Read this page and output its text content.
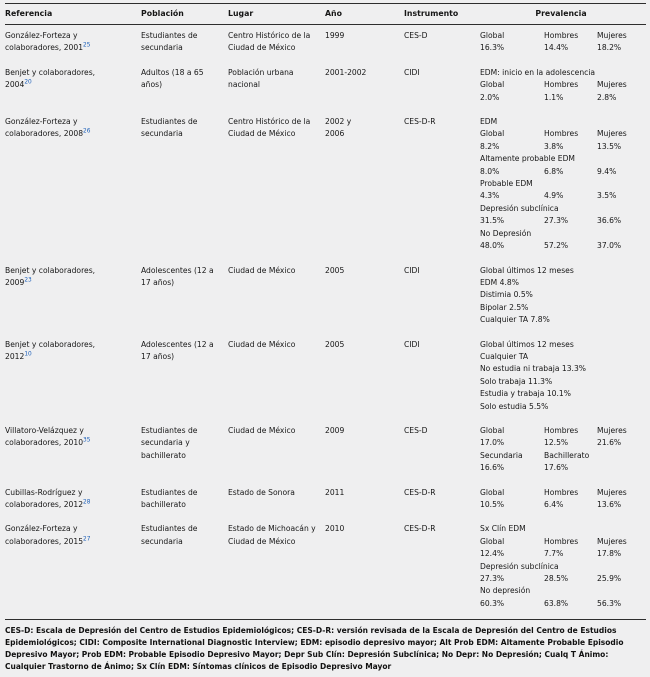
Referencia	Población	Lugar	Año	Instrumento	Prevalencia
González-Forteza y colaboradores, 2001$^{25}$	Estudiantes de secundaria	Centro Histórico de la Ciudad de México	1999	CES-D	Global	Hombres	Mujeres
16.3%	14.4%	18.2%

Benjet y colaboradores, 2004$^{20}$	Adultos (18 a 65 años)	Población urbana nacional	2001-2002	CIDI	EDM: inicio en la adolescencia
Global	Hombres	Mujeres
2.0%	1.1%	2.8%

González-Forteza y colaboradores, 2008$^{26}$	Estudiantes de secundaria	Centro Histórico de la Ciudad de México	2002 y 2006	CES-D-R	EDM
Global	Hombres	Mujeres
8.2%	3.8%	13.5%
Altamente probable EDM
8.0%	6.8%	9.4%
Probable EDM
4.3%	4.9%	3.5%
Depresión subclínica
31.5%	27.3%	36.6%
No Depresión
48.0%	57.2%	37.0%

Benjet y colaboradores, 2009$^{23}$	Adolescentes (12 a 17 años)	Ciudad de México	2005	CIDI	Global últimos 12 meses
EDM 4.8%
Distimia 0.5%
Bipolar 2.5%
Cualquier TA 7.8%

Benjet y colaboradores, 2012$^{10}$	Adolescentes (12 a 17 años)	Ciudad de México	2005	CIDI	Global últimos 12 meses
Cualquier TA
No estudia ni trabaja 13.3%
Solo trabaja 11.3%
Estudia y trabaja 10.1%
Solo estudia 5.5%

Villatoro-Velázquez y colaboradores, 2010$^{35}$	Estudiantes de secundaria y bachillerato	Ciudad de México	2009	CES-D	Global	Hombres	Mujeres
17.0%	12.5%	21.6%
Secundaria	Bachillerato
16.6%	17.6%

Cubillas-Rodríguez y colaboradores, 2012$^{28}$	Estudiantes de bachillerato	Estado de Sonora	2011	CES-D-R	Global	Hombres	Mujeres
10.5%	6.4%	13.6%

González-Forteza y colaboradores, 2015$^{27}$	Estudiantes de secundaria	Estado de Michoacán y Ciudad de México	2010	CES-D-R	Sx Clín EDM
Global	Hombres	Mujeres
12.4%	7.7%	17.8%
Depresión subclínica
27.3%	28.5%	25.9%
No depresión
60.3%	63.8%	56.3%
CES-D: Escala de Depresión del Centro de Estudios Epidemiológicos; CES-D-R: versión revisada de la Escala de Depresión del Centro de Estudios Epidemiológicos; CIDI: Composite International Diagnostic Interview; EDM: episodio depresivo mayor; Alt Prob EDM: Altamente Probable Episodio Depresivo Mayor; Prob EDM: Probable Episodio Depresivo Mayor; Depr Sub Clín: Depresión Subclínica; No Depr: No Depresión; Cualq T Ánimo: Cualquier Trastorno de Ánimo; Sx Clín EDM: Síntomas clínicos de Episodio Depresivo Mayor
